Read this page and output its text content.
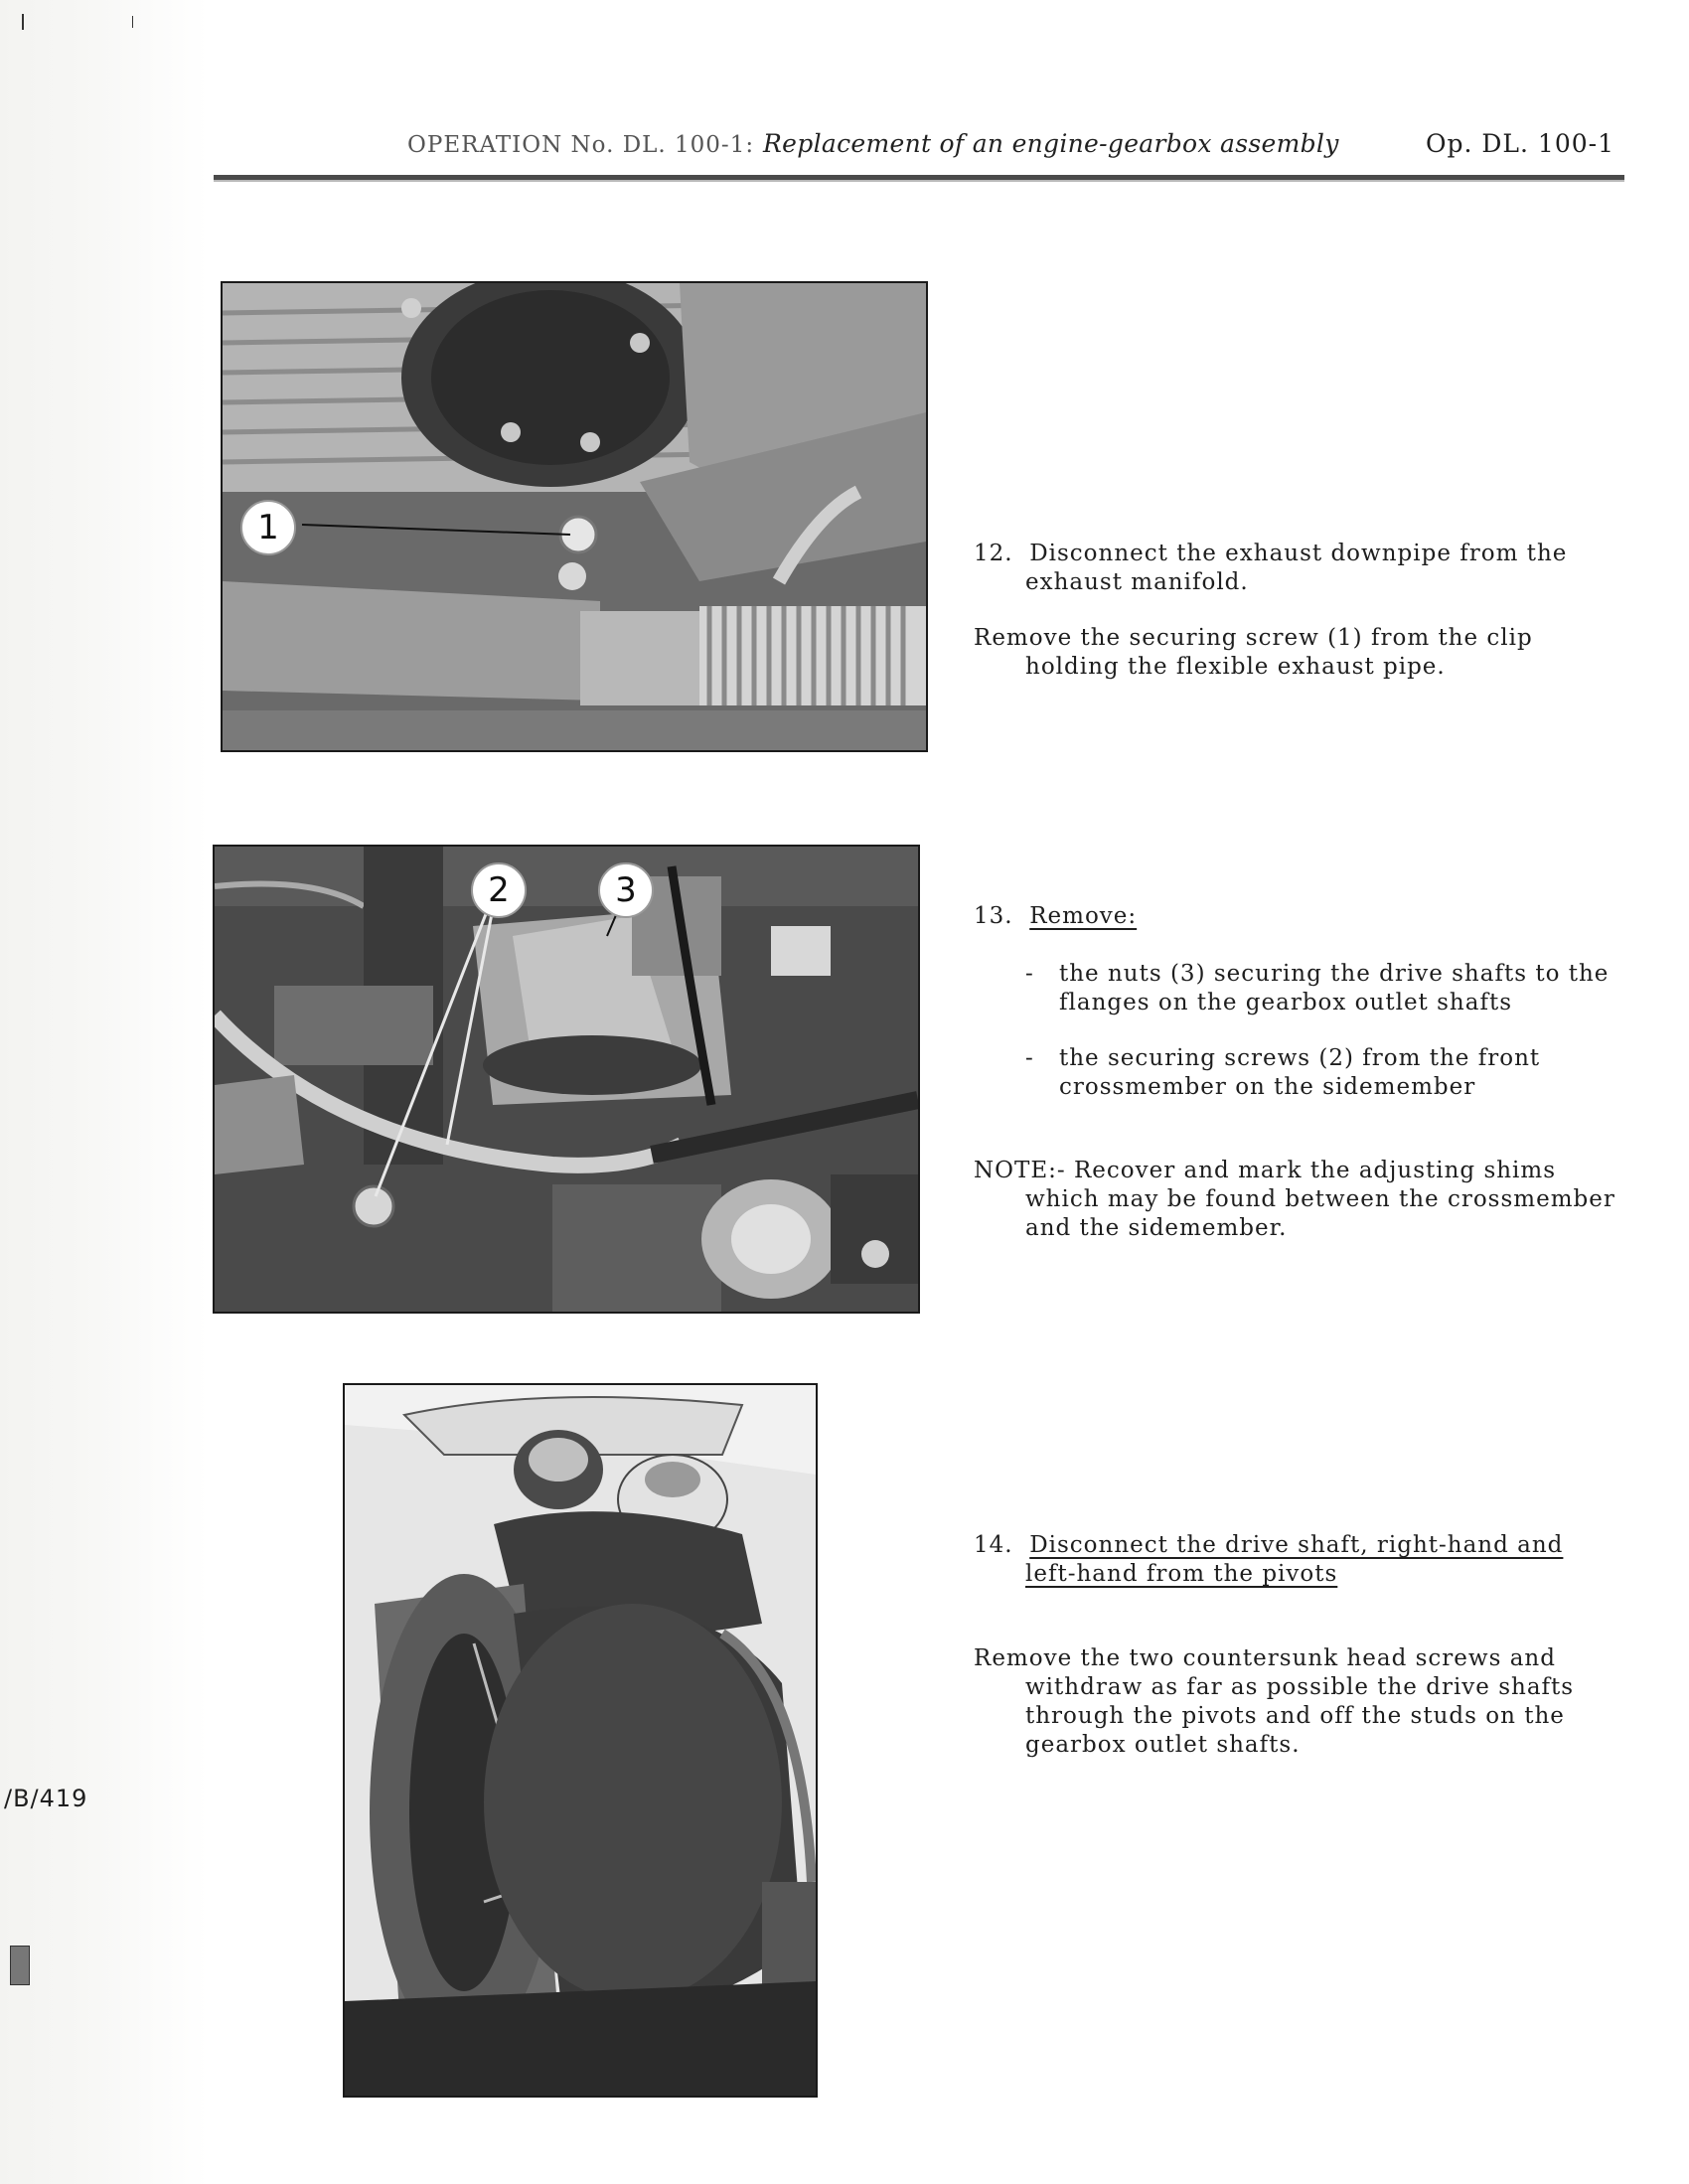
OPERATION No. DL. 100-1: Replacement of an engine-gearbox assembly	Op. DL. 100-1
1
2	3
12. Disconnect the exhaust downpipe from the
exhaust manifold.
Remove the securing screw (1) from the clip
holding the flexible exhaust pipe.
13. Remove:
- the nuts (3) securing the drive shafts to the
flanges on the gearbox outlet shafts
- the securing screws (2) from the front
crossmember on the sidemember
NOTE:- Recover and mark the adjusting shims
which may be found between the crossmember
and the sidemember.
14. Disconnect the drive shaft, right-hand and
left-hand from the pivots
Remove the two countersunk head screws and
withdraw as far as possible the drive shafts
through the pivots and off the studs on the
gearbox outlet shafts.
/B/419
